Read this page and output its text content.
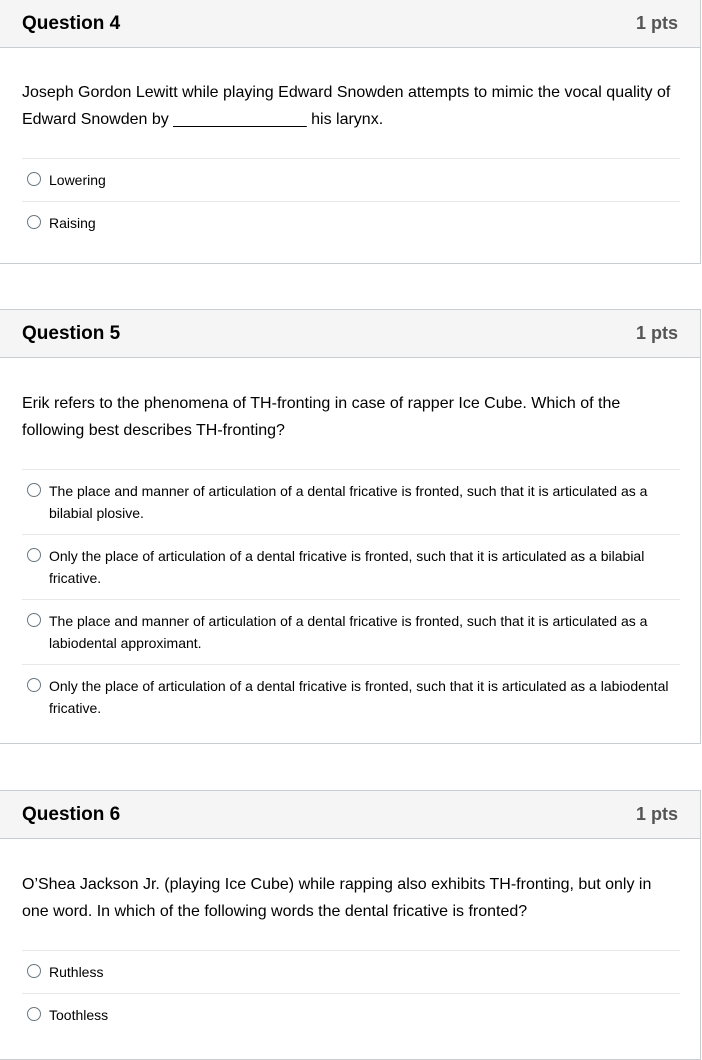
Question 4	1 pts
Joseph Gordon Lewitt while playing Edward Snowden attempts to mimic the vocal quality of Edward Snowden by _______________ his larynx.
Lowering
Raising
Question 5	1 pts
Erik refers to the phenomena of TH-fronting in case of rapper Ice Cube. Which of the following best describes TH-fronting?
The place and manner of articulation of a dental fricative is fronted, such that it is articulated as a bilabial plosive.
Only the place of articulation of a dental fricative is fronted, such that it is articulated as a bilabial fricative.
The place and manner of articulation of a dental fricative is fronted, such that it is articulated as a labiodental approximant.
Only the place of articulation of a dental fricative is fronted, such that it is articulated as a labiodental fricative.
Question 6	1 pts
O’Shea Jackson Jr. (playing Ice Cube) while rapping also exhibits TH-fronting, but only in one word. In which of the following words the dental fricative is fronted?
Ruthless
Toothless
